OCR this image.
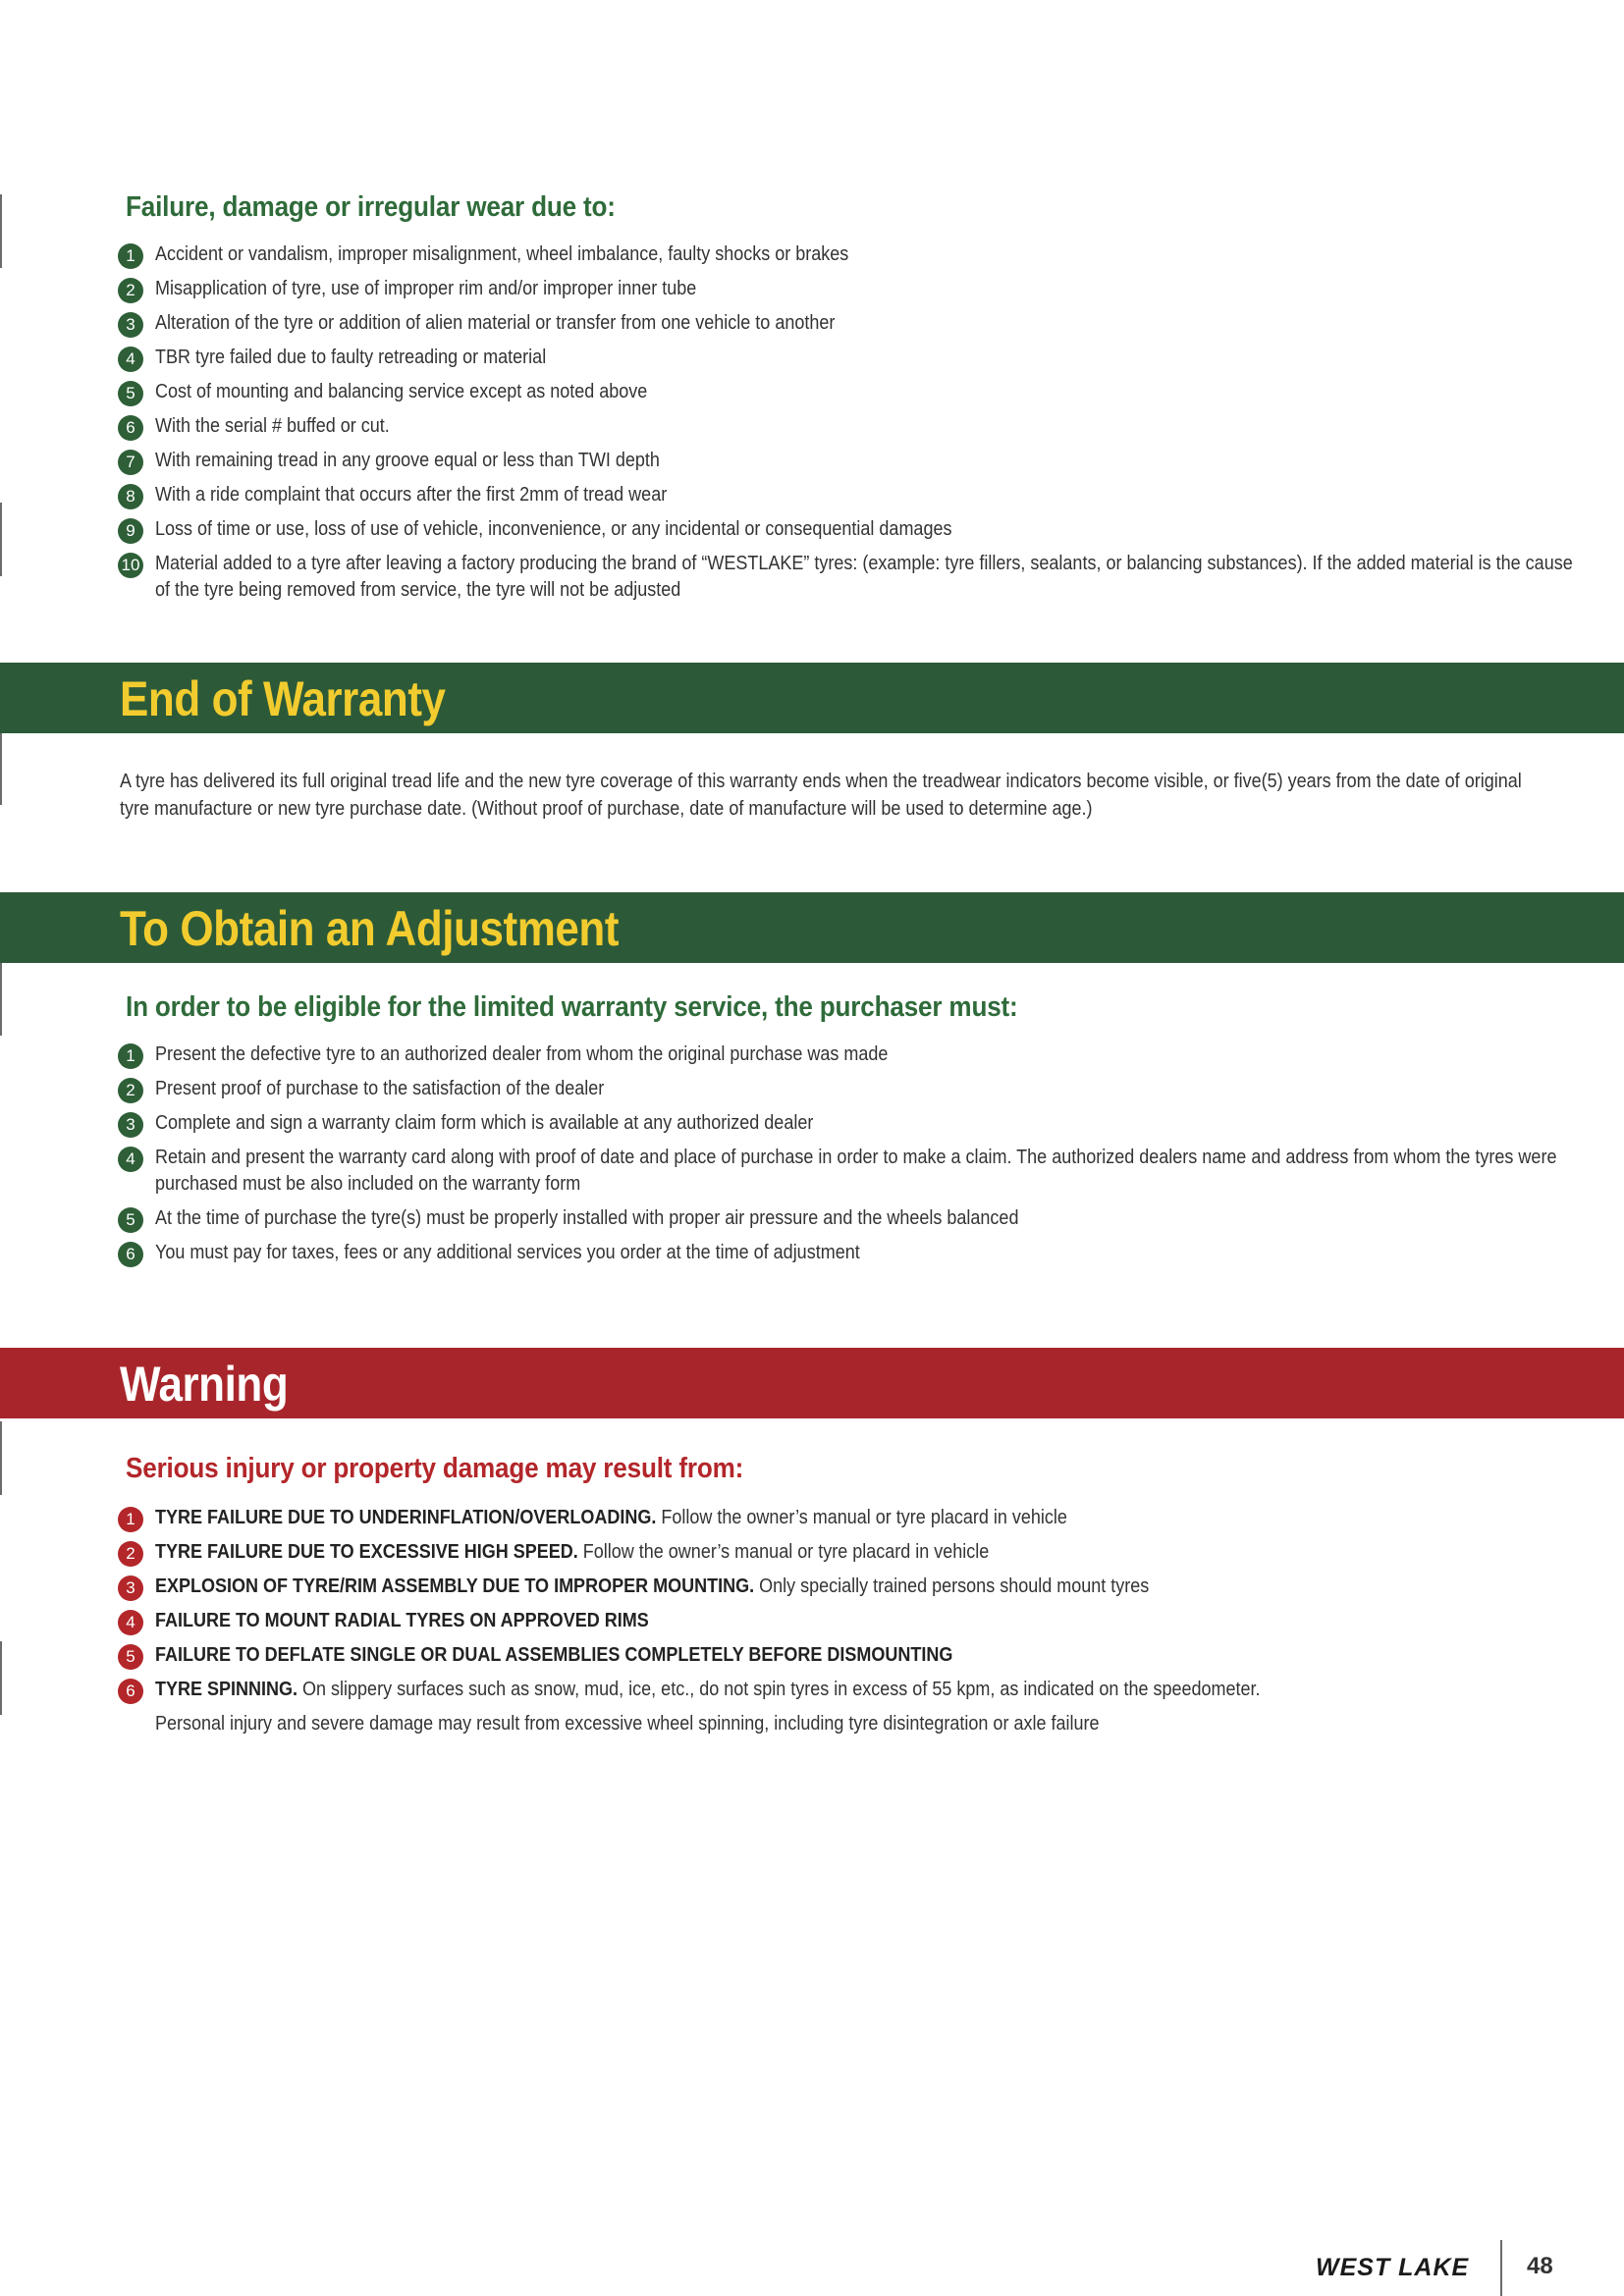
Failure, damage or irregular wear due to:
1	Accident or vandalism, improper misalignment, wheel imbalance, faulty shocks or brakes
2	Misapplication of tyre, use of improper rim and/or improper inner tube
3	Alteration of the tyre or addition of alien material or transfer from one vehicle to another
4	TBR tyre failed due to faulty retreading or material
5	Cost of mounting and balancing service except as noted above
6	With the serial # buffed or cut.
7	With remaining tread in any groove equal or less than TWI depth
8	With a ride complaint that occurs after the first 2mm of tread wear
9	Loss of time or use, loss of use of vehicle, inconvenience, or any incidental or consequential damages
10 Material added to a tyre after leaving a factory producing the brand of “WESTLAKE” tyres: (example: tyre fillers, sealants, or balancing substances). If the added material is the cause of the tyre being removed from service, the tyre will not be adjusted
End of Warranty
A tyre has delivered its full original tread life and the new tyre coverage of this warranty ends when the treadwear indicators become visible, or five(5) years from the date of original tyre manufacture or new tyre purchase date. (Without proof of purchase, date of manufacture will be used to determine age.)
To Obtain an Adjustment
In order to be eligible for the limited warranty service, the purchaser must:
1	Present the defective tyre to an authorized dealer from whom the original purchase was made
2	Present proof of purchase to the satisfaction of the dealer
3	Complete and sign a warranty claim form which is available at any authorized dealer
4	Retain and present the warranty card along with proof of date and place of purchase in order to make a claim. The authorized dealers name and address from whom the tyres were purchased must be also included on the warranty form
5	At the time of purchase the tyre(s) must be properly installed with proper air pressure and the wheels balanced
6	You must pay for taxes, fees or any additional services you order at the time of adjustment
Warning
Serious injury or property damage may result from:
1	TYRE FAILURE DUE TO UNDERINFLATION/OVERLOADING. Follow the owner’s manual or tyre placard in vehicle
2	TYRE FAILURE DUE TO EXCESSIVE HIGH SPEED. Follow the owner’s manual or tyre placard in vehicle
3	EXPLOSION OF TYRE/RIM ASSEMBLY DUE TO IMPROPER MOUNTING. Only specially trained persons should mount tyres
4	FAILURE TO MOUNT RADIAL TYRES ON APPROVED RIMS
5	FAILURE TO DEFLATE SINGLE OR DUAL ASSEMBLIES COMPLETELY BEFORE DISMOUNTING
6	TYRE SPINNING. On slippery surfaces such as snow, mud, ice, etc., do not spin tyres in excess of 55 kpm, as indicated on the speedometer.
Personal injury and severe damage may result from excessive wheel spinning, including tyre disintegration or axle failure
WEST LAKE 48
